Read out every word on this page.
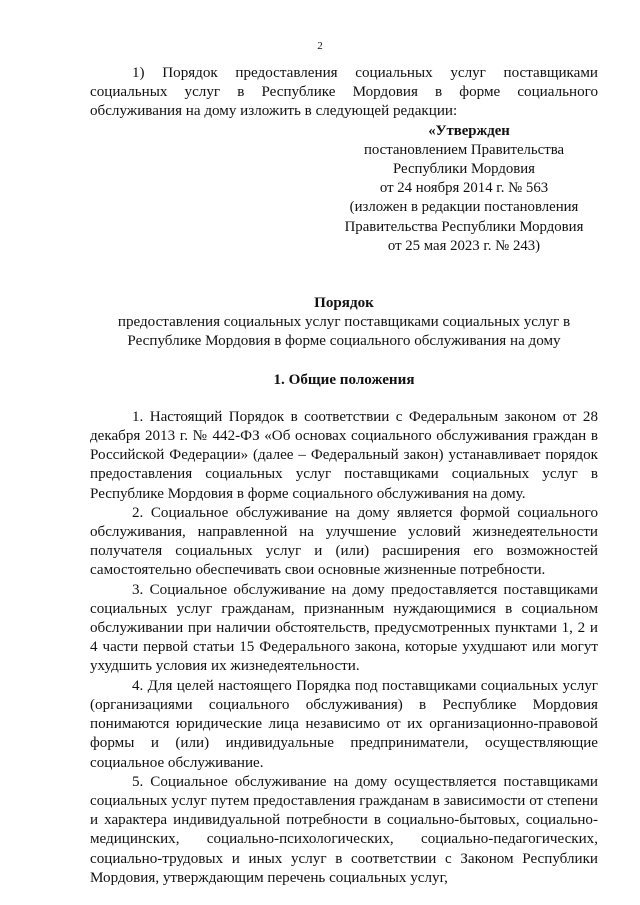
2

1) Порядок предоставления социальных услуг поставщиками социальных услуг в Республике Мордовия в форме социального обслуживания на дому изложить в следующей редакции:

«Утвержден
постановлением Правительства
Республики Мордовия
от 24 ноября 2014 г. № 563
(изложен в редакции постановления
Правительства Республики Мордовия
от 25 мая 2023 г. № 243)
Порядок
предоставления социальных услуг поставщиками социальных услуг в
Республике Мордовия в форме социального обслуживания на дому
1. Общие положения

1. Настоящий Порядок в соответствии с Федеральным законом от 28 декабря 2013 г. № 442-ФЗ «Об основах социального обслуживания граждан в Российской Федерации» (далее – Федеральный закон) устанавливает порядок предоставления социальных услуг поставщиками социальных услуг в Республике Мордовия в форме социального обслуживания на дому.

2. Социальное обслуживание на дому является формой социального обслуживания, направленной на улучшение условий жизнедеятельности получателя социальных услуг и (или) расширения его возможностей самостоятельно обеспечивать свои основные жизненные потребности.

3. Социальное обслуживание на дому предоставляется поставщиками социальных услуг гражданам, признанным нуждающимися в социальном обслуживании при наличии обстоятельств, предусмотренных пунктами 1, 2 и 4 части первой статьи 15 Федерального закона, которые ухудшают или могут ухудшить условия их жизнедеятельности.

4. Для целей настоящего Порядка под поставщиками социальных услуг (организациями социального обслуживания) в Республике Мордовия понимаются юридические лица независимо от их организационно-правовой формы и (или) индивидуальные предприниматели, осуществляющие социальное обслуживание.

5. Социальное обслуживание на дому осуществляется поставщиками социальных услуг путем предоставления гражданам в зависимости от степени и характера индивидуальной потребности в социально-бытовых, социально-медицинских, социально-психологических, социально-педагогических, социально-трудовых и иных услуг в соответствии с Законом Республики Мордовия, утверждающим перечень социальных услуг,
